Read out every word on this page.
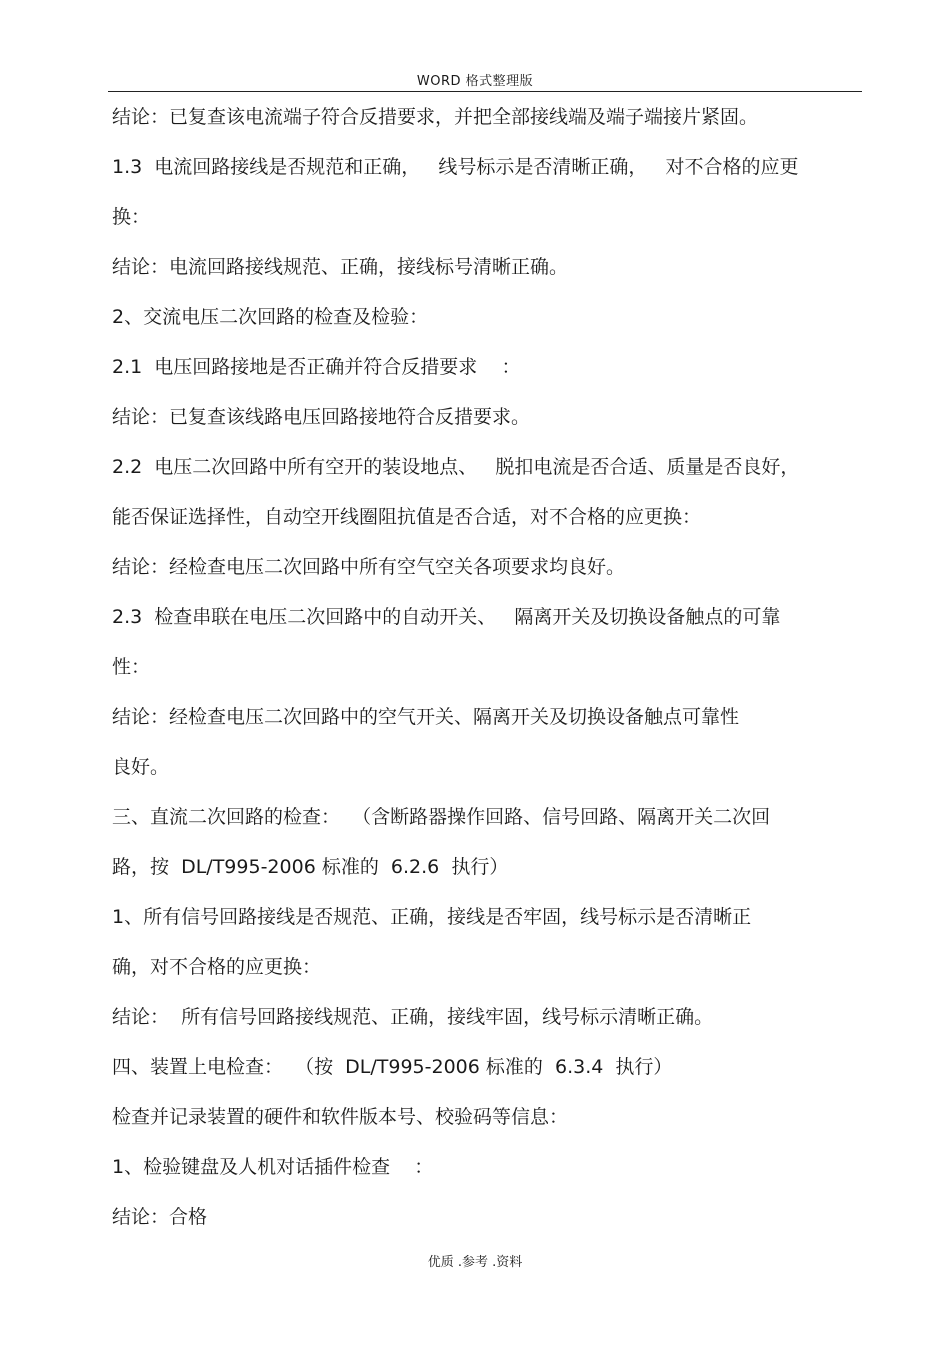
WORD 格式整理版
结论：已复查该电流端子符合反措要求，并把全部接线端及端子端接片紧固。
1.3  电流回路接线是否规范和正确，   线号标示是否清晰正确，   对不合格的应更
换：
结论：电流回路接线规范、正确，接线标号清晰正确。
2、交流电压二次回路的检查及检验：
2.1  电压回路接地是否正确并符合反措要求    ：
结论：已复查该线路电压回路接地符合反措要求。
2.2  电压二次回路中所有空开的装设地点、   脱扣电流是否合适、质量是否良好，
能否保证选择性，自动空开线圈阻抗值是否合适，对不合格的应更换：
结论：经检查电压二次回路中所有空气空关各项要求均良好。
2.3  检查串联在电压二次回路中的自动开关、   隔离开关及切换设备触点的可靠
性：
结论：经检查电压二次回路中的空气开关、隔离开关及切换设备触点可靠性
良好。
三、直流二次回路的检查：  （含断路器操作回路、信号回路、隔离开关二次回
路，按  DL/T995-2006 标准的  6.2.6  执行）
1、所有信号回路接线是否规范、正确，接线是否牢固，线号标示是否清晰正
确，对不合格的应更换：
结论：  所有信号回路接线规范、正确，接线牢固，线号标示清晰正确。
四、装置上电检查：  （按  DL/T995-2006 标准的  6.3.4  执行）
检查并记录装置的硬件和软件版本号、校验码等信息：
1、检验键盘及人机对话插件检查    ：
结论：合格
优质 .参考 .资料
